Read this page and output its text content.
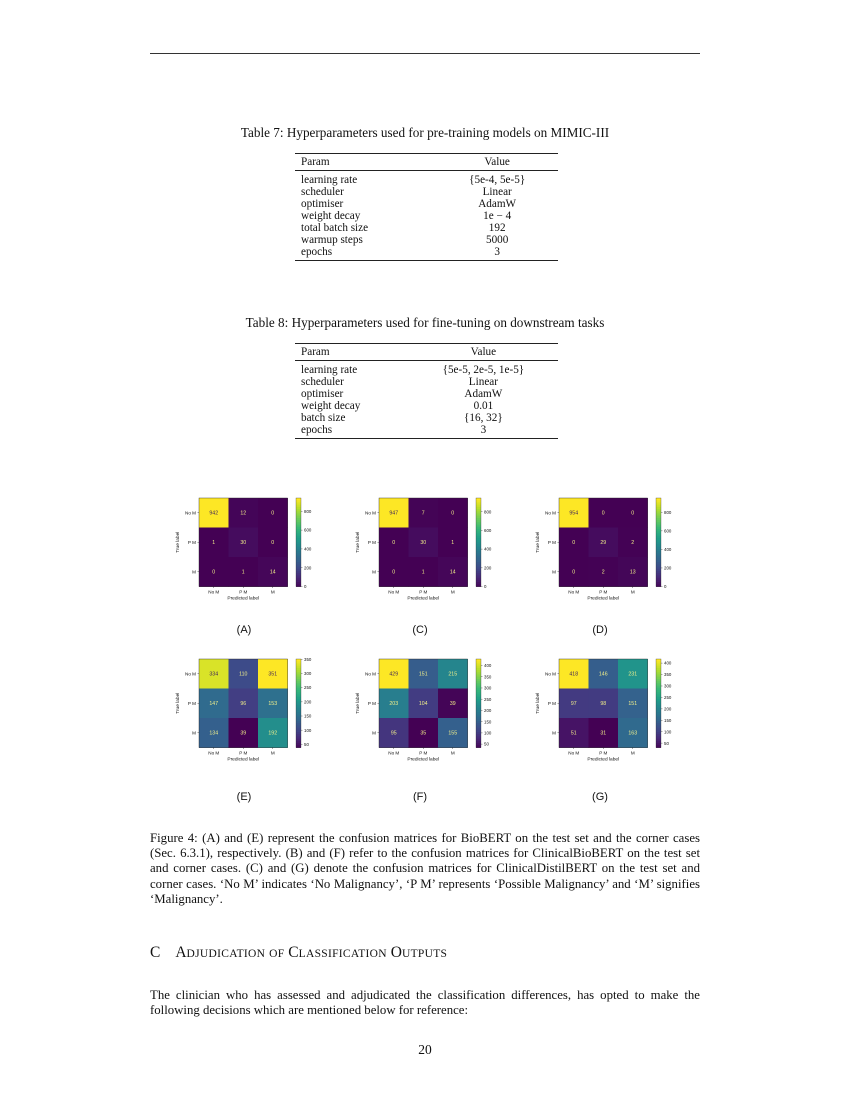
Table 7: Hyperparameters used for pre-training models on MIMIC-III
Param	Value
learning rate	{5e-4, 5e-5}
scheduler	Linear
optimiser	AdamW
weight decay	1e − 4
total batch size	192
warmup steps	5000
epochs	3
Table 8: Hyperparameters used for fine-tuning on downstream tasks
Param	Value
learning rate	{5e-5, 2e-5, 1e-5}
scheduler	Linear
optimiser	AdamW
weight decay	0.01
batch size	{16, 32}
epochs	3
942	12	0
1	30	0
0	1	14
No M
No M
P M
P M
M
M
Predicted label
True label
0
200
400
600
800	947	7	0
0	30	1
0	1	14
No M
No M
P M
P M
M
M
Predicted label
True label
0
200
400
600
800	954	0	0
0	29	2
0	2	13
No M
No M
P M
P M
M
M
Predicted label
True label
0
200
400
600
800
334	110	351
147	96	153
134	39	192
No M
No M
P M
P M
M
M
Predicted label
True label
50
100
150
200
250
300
350
429	151	215
203	104	39
95	35	155
No M
No M
P M
P M
M
M
Predicted label
True label
50
100
150
200
250
300
350
400
418	146	231
97	98	151
51	31	163
No M
No M
P M
P M
M
M
Predicted label
True label
50
100
150
200
250
300
350
400
(A)	(C)	(D)
(E)	(F)	(G)
Figure 4: (A) and (E) represent the confusion matrices for BioBERT on the test set and the corner cases (Sec. 6.3.1), respectively. (B) and (F) refer to the confusion matrices for ClinicalBioBERT on the test set and corner cases. (C) and (G) denote the confusion matrices for ClinicalDistilBERT on the test set and corner cases. ‘No M’ indicates ‘No Malignancy’, ‘P M’ represents ‘Possible Malignancy’ and ‘M’ signifies ‘Malignancy’.
C ADJUDICATION OF CLASSIFICATION OUTPUTS
The clinician who has assessed and adjudicated the classification differences, has opted to make the following decisions which are mentioned below for reference:
20
